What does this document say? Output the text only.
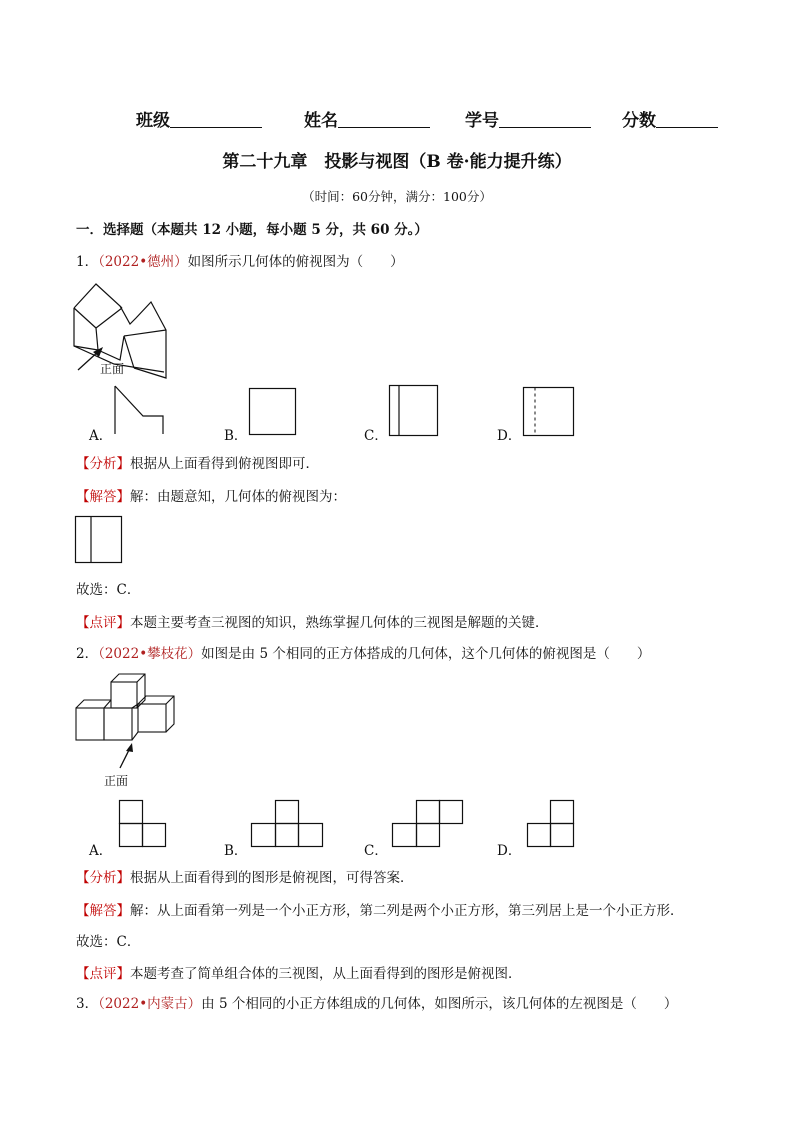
班级	姓名	学号	分数
第二十九章　投影与视图（B 卷·能力提升练）
（时间：60分钟，满分：100分）
一．选择题（本题共 12 小题，每小题 5 分，共 60 分。）
1．（2022•德州）如图所示几何体的俯视图为（　　）
正面
A．	B．	C．	D．
【分析】根据从上面看得到俯视图即可．
【解答】解：由题意知，几何体的俯视图为：
故选：C．
【点评】本题主要考查三视图的知识，熟练掌握几何体的三视图是解题的关键．
2．（2022•攀枝花）如图是由 5 个相同的正方体搭成的几何体，这个几何体的俯视图是（　　）
正面
A．	B．	C．	D．
【分析】根据从上面看得到的图形是俯视图，可得答案．
【解答】解：从上面看第一列是一个小正方形，第二列是两个小正方形，第三列居上是一个小正方形．
故选：C．
【点评】本题考查了简单组合体的三视图，从上面看得到的图形是俯视图．
3．（2022•内蒙古）由 5 个相同的小正方体组成的几何体，如图所示，该几何体的左视图是（　　）
